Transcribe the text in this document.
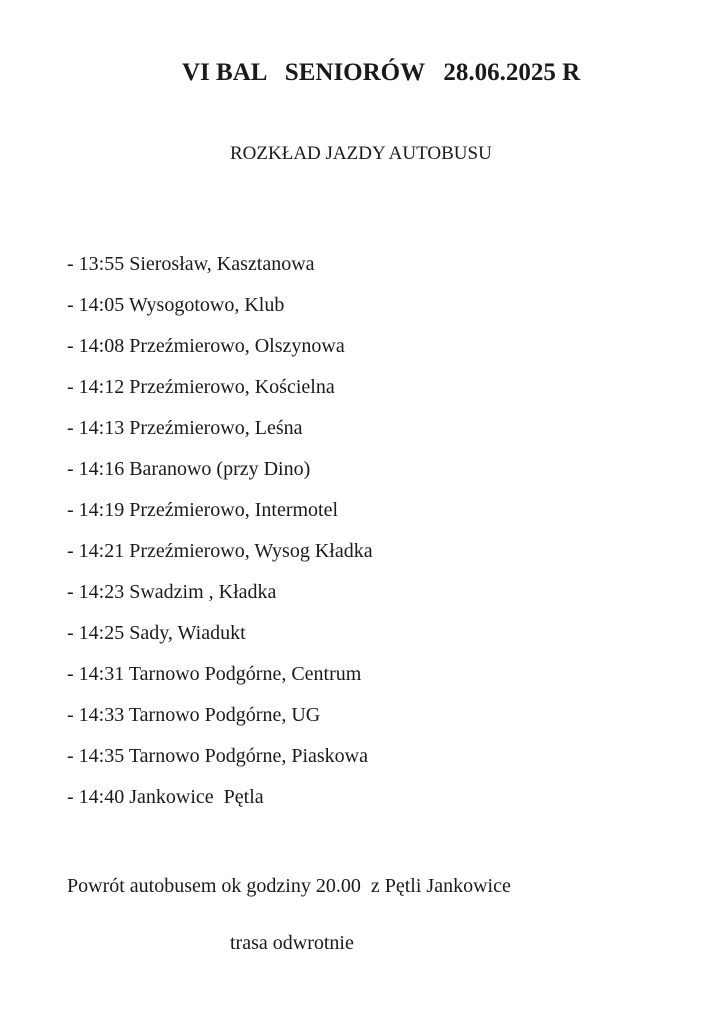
VI BAL   SENIORÓW   28.06.2025 R
ROZKŁAD JAZDY AUTOBUSU
- 13:55 Sierosław, Kasztanowa
- 14:05 Wysogotowo, Klub
- 14:08 Przeźmierowo, Olszynowa
- 14:12 Przeźmierowo, Kościelna
- 14:13 Przeźmierowo, Leśna
- 14:16 Baranowo (przy Dino)
- 14:19 Przeźmierowo, Intermotel
- 14:21 Przeźmierowo, Wysog Kładka
- 14:23 Swadzim , Kładka
- 14:25 Sady, Wiadukt
- 14:31 Tarnowo Podgórne, Centrum
- 14:33 Tarnowo Podgórne, UG
- 14:35 Tarnowo Podgórne, Piaskowa
- 14:40 Jankowice  Pętla
Powrót autobusem ok godziny 20.00  z Pętli Jankowice
trasa odwrotnie
